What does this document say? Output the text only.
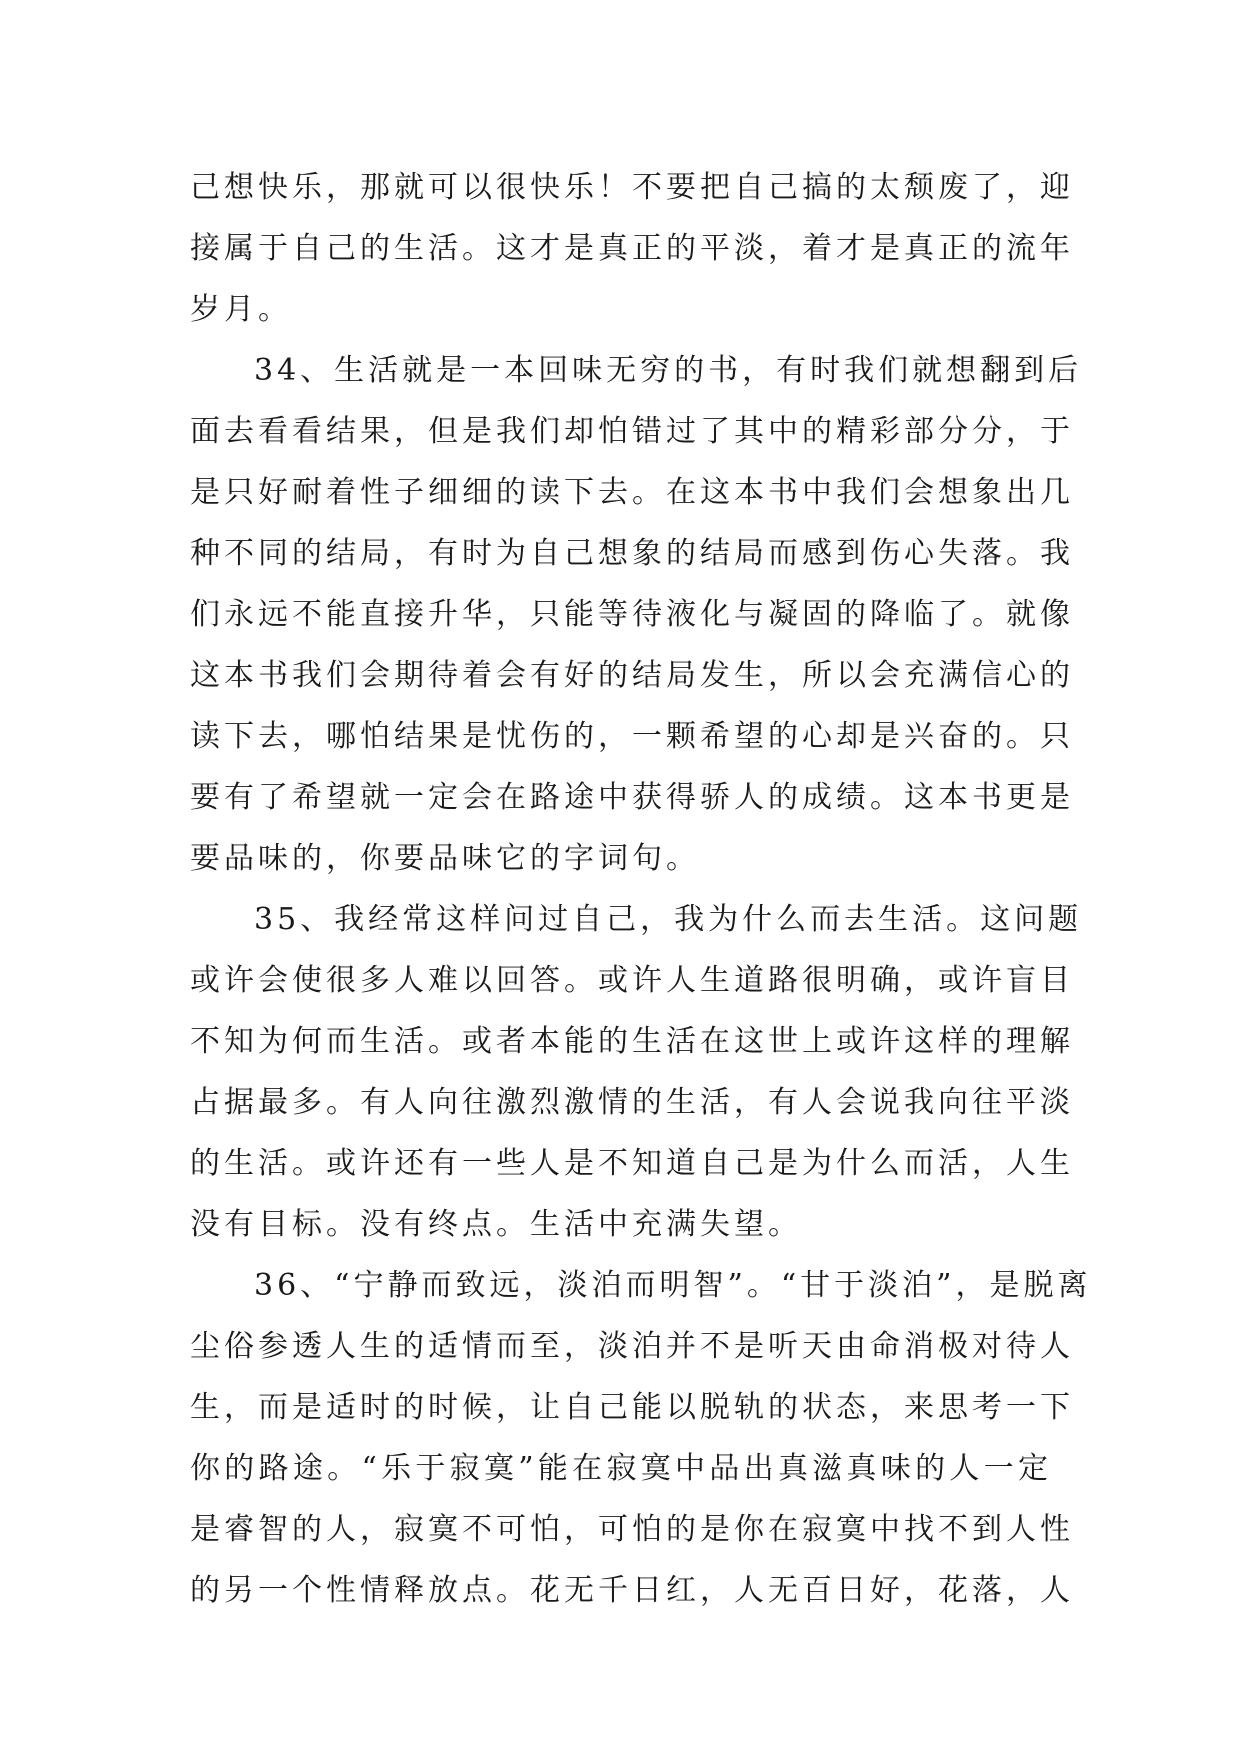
己想快乐，那就可以很快乐！不要把自己搞的太颓废了，迎
接属于自己的生活。这才是真正的平淡，着才是真正的流年
岁月。
34、生活就是一本回味无穷的书，有时我们就想翻到后
面去看看结果，但是我们却怕错过了其中的精彩部分分，于
是只好耐着性子细细的读下去。在这本书中我们会想象出几
种不同的结局，有时为自己想象的结局而感到伤心失落。我
们永远不能直接升华，只能等待液化与凝固的降临了。就像
这本书我们会期待着会有好的结局发生，所以会充满信心的
读下去，哪怕结果是忧伤的，一颗希望的心却是兴奋的。只
要有了希望就一定会在路途中获得骄人的成绩。这本书更是
要品味的，你要品味它的字词句。
35、我经常这样问过自己，我为什么而去生活。这问题
或许会使很多人难以回答。或许人生道路很明确，或许盲目
不知为何而生活。或者本能的生活在这世上或许这样的理解
占据最多。有人向往激烈激情的生活，有人会说我向往平淡
的生活。或许还有一些人是不知道自己是为什么而活，人生
没有目标。没有终点。生活中充满失望。
36、“宁静而致远，淡泊而明智”。“甘于淡泊”，是脱离
尘俗参透人生的适情而至，淡泊并不是听天由命消极对待人
生，而是适时的时候，让自己能以脱轨的状态，来思考一下
你的路途。“乐于寂寞”能在寂寞中品出真滋真味的人一定
是睿智的人，寂寞不可怕，可怕的是你在寂寞中找不到人性
的另一个性情释放点。花无千日红，人无百日好，花落，人
